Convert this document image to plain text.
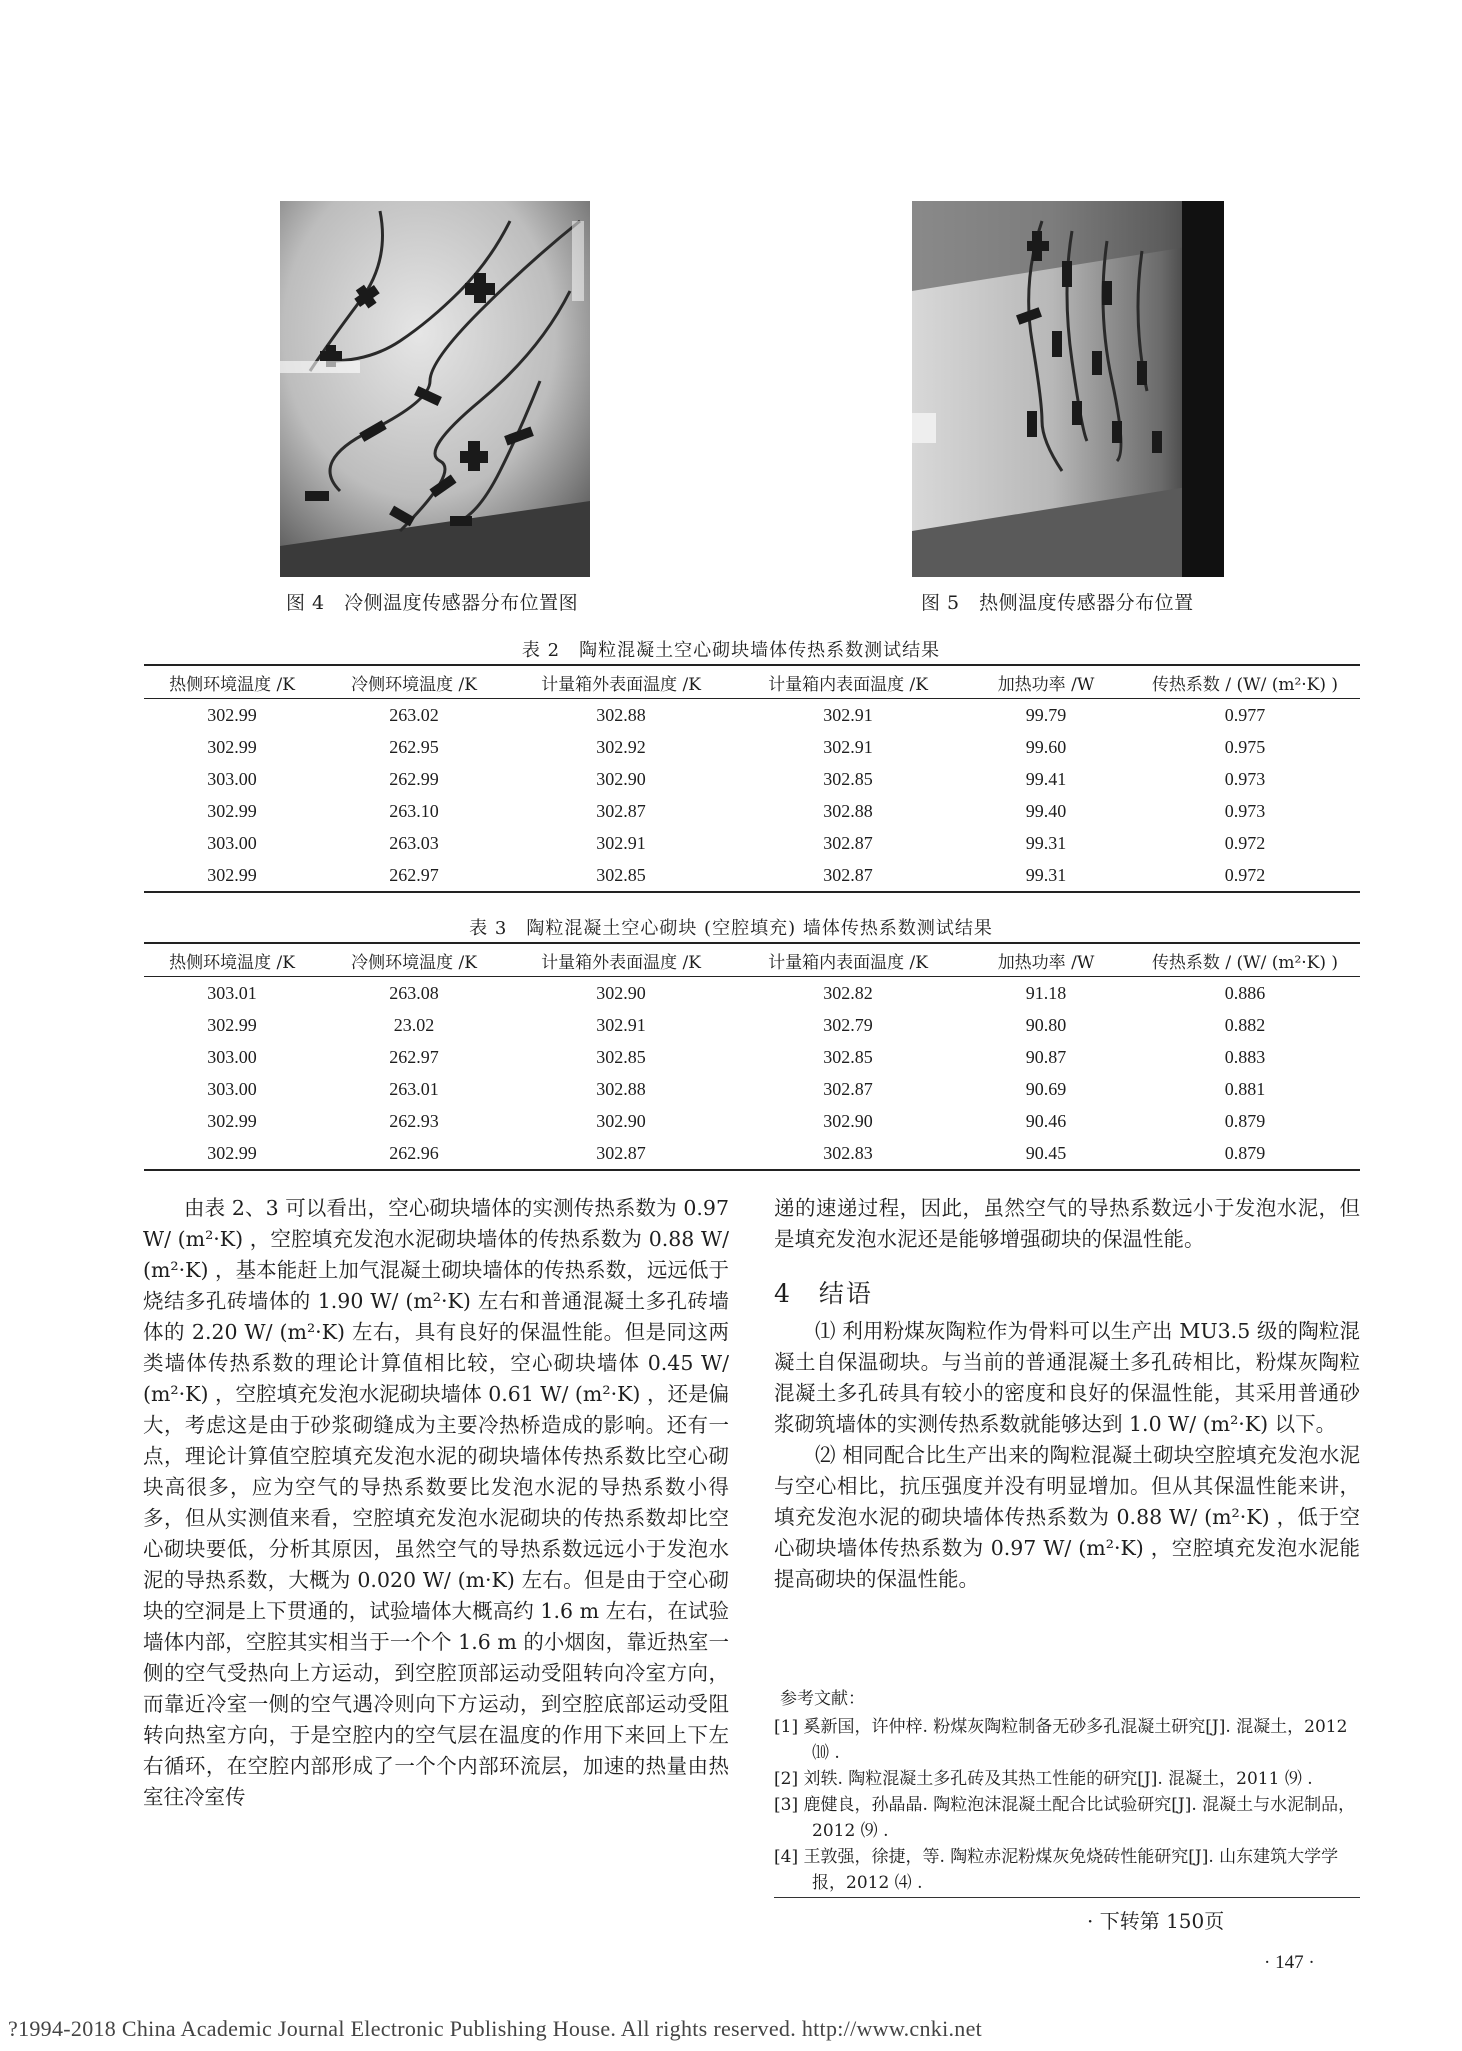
图 4　冷侧温度传感器分布位置图	图 5　热侧温度传感器分布位置
表 2　陶粒混凝土空心砌块墙体传热系数测试结果
热侧环境温度 /K	冷侧环境温度 /K	计量箱外表面温度 /K	计量箱内表面温度 /K	加热功率 /W	传热系数 / (W/ (m²·K) )
302.99	263.02	302.88	302.91	99.79	0.977
302.99	262.95	302.92	302.91	99.60	0.975
303.00	262.99	302.90	302.85	99.41	0.973
302.99	263.10	302.87	302.88	99.40	0.973
303.00	263.03	302.91	302.87	99.31	0.972
302.99	262.97	302.85	302.87	99.31	0.972
表 3　陶粒混凝土空心砌块 (空腔填充) 墙体传热系数测试结果
热侧环境温度 /K	冷侧环境温度 /K	计量箱外表面温度 /K	计量箱内表面温度 /K	加热功率 /W	传热系数 / (W/ (m²·K) )
303.01	263.08	302.90	302.82	91.18	0.886
302.99	23.02	302.91	302.79	90.80	0.882
303.00	262.97	302.85	302.85	90.87	0.883
303.00	263.01	302.88	302.87	90.69	0.881
302.99	262.93	302.90	302.90	90.46	0.879
302.99	262.96	302.87	302.83	90.45	0.879

由表 2、3 可以看出，空心砌块墙体的实测传热系数为 0.97 W/ (m²·K) ，空腔填充发泡水泥砌块墙体的传热系数为 0.88 W/ (m²·K) ，基本能赶上加气混凝土砌块墙体的传热系数，远远低于烧结多孔砖墙体的 1.90 W/ (m²·K) 左右和普通混凝土多孔砖墙体的 2.20 W/ (m²·K) 左右，具有良好的保温性能。但是同这两类墙体传热系数的理论计算值相比较，空心砌块墙体 0.45 W/ (m²·K) ，空腔填充发泡水泥砌块墙体 0.61 W/ (m²·K) ，还是偏大，考虑这是由于砂浆砌缝成为主要冷热桥造成的影响。还有一点，理论计算值空腔填充发泡水泥的砌块墙体传热系数比空心砌块高很多，应为空气的导热系数要比发泡水泥的导热系数小得多，但从实测值来看，空腔填充发泡水泥砌块的传热系数却比空心砌块要低，分析其原因，虽然空气的导热系数远远小于发泡水泥的导热系数，大概为 0.020 W/ (m·K) 左右。但是由于空心砌块的空洞是上下贯通的，试验墙体大概高约 1.6 m 左右，在试验墙体内部，空腔其实相当于一个个 1.6 m 的小烟囱，靠近热室一侧的空气受热向上方运动，到空腔顶部运动受阻转向冷室方向，而靠近冷室一侧的空气遇冷则向下方运动，到空腔底部运动受阻转向热室方向，于是空腔内的空气层在温度的作用下来回上下左右循环，在空腔内部形成了一个个内部环流层，加速的热量由热室往冷室传

递的速递过程，因此，虽然空气的导热系数远小于发泡水泥，但是填充发泡水泥还是能够增强砌块的保温性能。

4　结语

⑴ 利用粉煤灰陶粒作为骨料可以生产出 MU3.5 级的陶粒混凝土自保温砌块。与当前的普通混凝土多孔砖相比，粉煤灰陶粒混凝土多孔砖具有较小的密度和良好的保温性能，其采用普通砂浆砌筑墙体的实测传热系数就能够达到 1.0 W/ (m²·K) 以下。

⑵ 相同配合比生产出来的陶粒混凝土砌块空腔填充发泡水泥与空心相比，抗压强度并没有明显增加。但从其保温性能来讲，填充发泡水泥的砌块墙体传热系数为 0.88 W/ (m²·K) ，低于空心砌块墙体传热系数为 0.97 W/ (m²·K) ，空腔填充发泡水泥能提高砌块的保温性能。

参考文献：

[1] 奚新国，许仲梓. 粉煤灰陶粒制备无砂多孔混凝土研究[J]. 混凝土，2012 ⑽ .

[2] 刘轶. 陶粒混凝土多孔砖及其热工性能的研究[J]. 混凝土，2011 ⑼ .

[3] 鹿健良，孙晶晶. 陶粒泡沫混凝土配合比试验研究[J]. 混凝土与水泥制品，2012 ⑼ .

[4] 王敦强，徐捷，等. 陶粒赤泥粉煤灰免烧砖性能研究[J]. 山东建筑大学学报，2012 ⑷ .

· 下转第 150页
· 147 ·
?1994-2018 China Academic Journal Electronic Publishing House. All rights reserved. http://www.cnki.net
